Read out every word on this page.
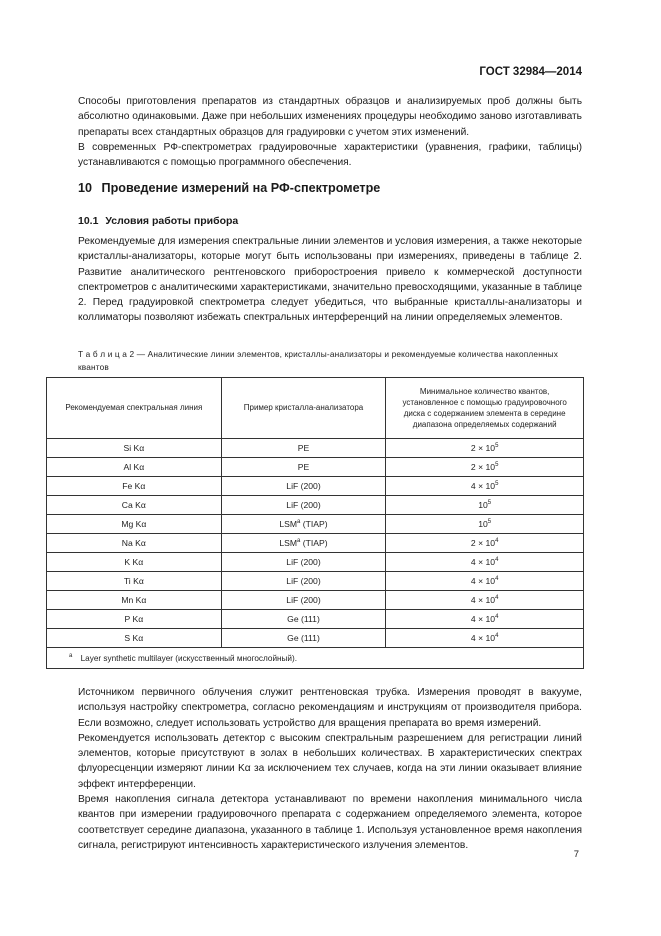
ГОСТ 32984—2014

Способы приготовления препаратов из стандартных образцов и анализируемых проб должны быть абсолютно одинаковыми. Даже при небольших изменениях процедуры необходимо заново изготавливать препараты всех стандартных образцов для градуировки с учетом этих изменений.

В современных РФ-спектрометрах градуировочные характеристики (уравнения, графики, таблицы) устанавливаются с помощью программного обеспечения.

10 Проведение измерений на РФ-спектрометре
10.1 Условия работы прибора

Рекомендуемые для измерения спектральные линии элементов и условия измерения, а также некоторые кристаллы-анализаторы, которые могут быть использованы при измерениях, приведены в таблице 2. Развитие аналитического рентгеновского приборостроения привело к коммерческой доступности спектрометров с аналитическими характеристиками, значительно превосходящими, указанные в таблице 2. Перед градуировкой спектрометра следует убедиться, что выбранные кристаллы-анализаторы и коллиматоры позволяют избежать спектральных интерференций на линии определяемых элементов.

Т а б л и ц а 2 — Аналитические линии элементов, кристаллы-анализаторы и рекомендуемые количества накопленных квантов
Рекомендуемая спектральная линия	Пример кристалла-анализатора	Минимальное количество квантов, установленное с помощью градуировочного диска с содержанием элемента в середине диапазона определяемых содержаний
Si Kα	PE	$2 \times 10^5$
Al Kα	PE	$2 \times 10^5$
Fe Kα	LiF (200)	$4 \times 10^5$
Ca Kα	LiF (200)	$10^5$
Mg Kα	$LSM^а$ (TIAP)	$10^5$
Na Kα	$LSM^а$ (TIAP)	$2 \times 10^4$
K Kα	LiF (200)	$4 \times 10^4$
Ti Kα	LiF (200)	$4 \times 10^4$
Mn Kα	LiF (200)	$4 \times 10^4$
P Kα	Ge (111)	$4 \times 10^4$
S Kα	Ge (111)	$4 \times 10^4$
$^а$ Layer synthetic multilayer (искусственный многослойный).		

Источником первичного облучения служит рентгеновская трубка. Измерения проводят в вакууме, используя настройку спектрометра, согласно рекомендациям и инструкциям от производителя прибора. Если возможно, следует использовать устройство для вращения препарата во время измерений.

Рекомендуется использовать детектор с высоким спектральным разрешением для регистрации линий элементов, которые присутствуют в золах в небольших количествах. В характеристических спектрах флуоресценции измеряют линии Kα за исключением тех случаев, когда на эти линии оказывает влияние эффект интерференции.

Время накопления сигнала детектора устанавливают по времени накопления минимального числа квантов при измерении градуировочного препарата с содержанием определяемого элемента, которое соответствует середине диапазона, указанного в таблице 1. Используя установленное время накопления сигнала, регистрируют интенсивность характеристического излучения элементов.

7
